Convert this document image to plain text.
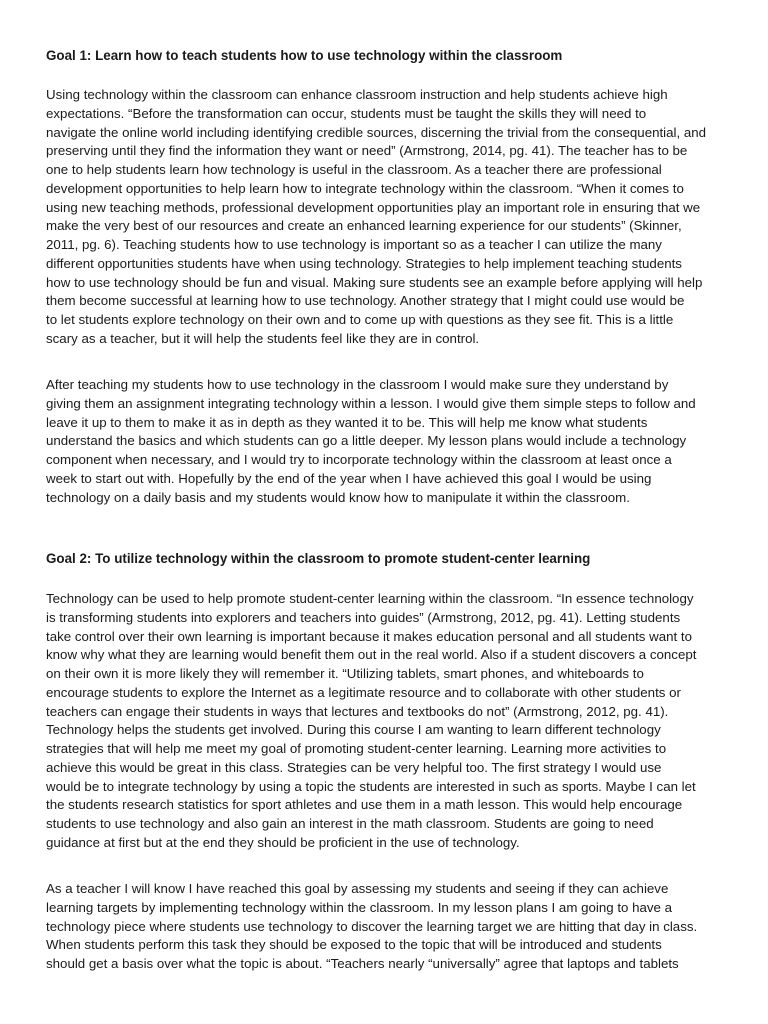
Goal 1: Learn how to teach students how to use technology within the classroom
Using technology within the classroom can enhance classroom instruction and help students achieve high
expectations. “Before the transformation can occur, students must be taught the skills they will need to
navigate the online world including identifying credible sources, discerning the trivial from the consequential, and
preserving until they find the information they want or need” (Armstrong, 2014, pg. 41). The teacher has to be
one to help students learn how technology is useful in the classroom. As a teacher there are professional
development opportunities to help learn how to integrate technology within the classroom. “When it comes to
using new teaching methods, professional development opportunities play an important role in ensuring that we
make the very best of our resources and create an enhanced learning experience for our students” (Skinner,
2011, pg. 6). Teaching students how to use technology is important so as a teacher I can utilize the many
different opportunities students have when using technology. Strategies to help implement teaching students
how to use technology should be fun and visual. Making sure students see an example before applying will help
them become successful at learning how to use technology. Another strategy that I might could use would be
to let students explore technology on their own and to come up with questions as they see fit. This is a little
scary as a teacher, but it will help the students feel like they are in control.
After teaching my students how to use technology in the classroom I would make sure they understand by
giving them an assignment integrating technology within a lesson. I would give them simple steps to follow and
leave it up to them to make it as in depth as they wanted it to be. This will help me know what students
understand the basics and which students can go a little deeper. My lesson plans would include a technology
component when necessary, and I would try to incorporate technology within the classroom at least once a
week to start out with. Hopefully by the end of the year when I have achieved this goal I would be using
technology on a daily basis and my students would know how to manipulate it within the classroom.
Goal 2: To utilize technology within the classroom to promote student-center learning
Technology can be used to help promote student-center learning within the classroom. “In essence technology
is transforming students into explorers and teachers into guides” (Armstrong, 2012, pg. 41). Letting students
take control over their own learning is important because it makes education personal and all students want to
know why what they are learning would benefit them out in the real world. Also if a student discovers a concept
on their own it is more likely they will remember it. “Utilizing tablets, smart phones, and whiteboards to
encourage students to explore the Internet as a legitimate resource and to collaborate with other students or
teachers can engage their students in ways that lectures and textbooks do not” (Armstrong, 2012, pg. 41).
Technology helps the students get involved. During this course I am wanting to learn different technology
strategies that will help me meet my goal of promoting student-center learning. Learning more activities to
achieve this would be great in this class. Strategies can be very helpful too. The first strategy I would use
would be to integrate technology by using a topic the students are interested in such as sports. Maybe I can let
the students research statistics for sport athletes and use them in a math lesson. This would help encourage
students to use technology and also gain an interest in the math classroom. Students are going to need
guidance at first but at the end they should be proficient in the use of technology.
As a teacher I will know I have reached this goal by assessing my students and seeing if they can achieve
learning targets by implementing technology within the classroom. In my lesson plans I am going to have a
technology piece where students use technology to discover the learning target we are hitting that day in class.
When students perform this task they should be exposed to the topic that will be introduced and students
should get a basis over what the topic is about. “Teachers nearly “universally” agree that laptops and tablets
